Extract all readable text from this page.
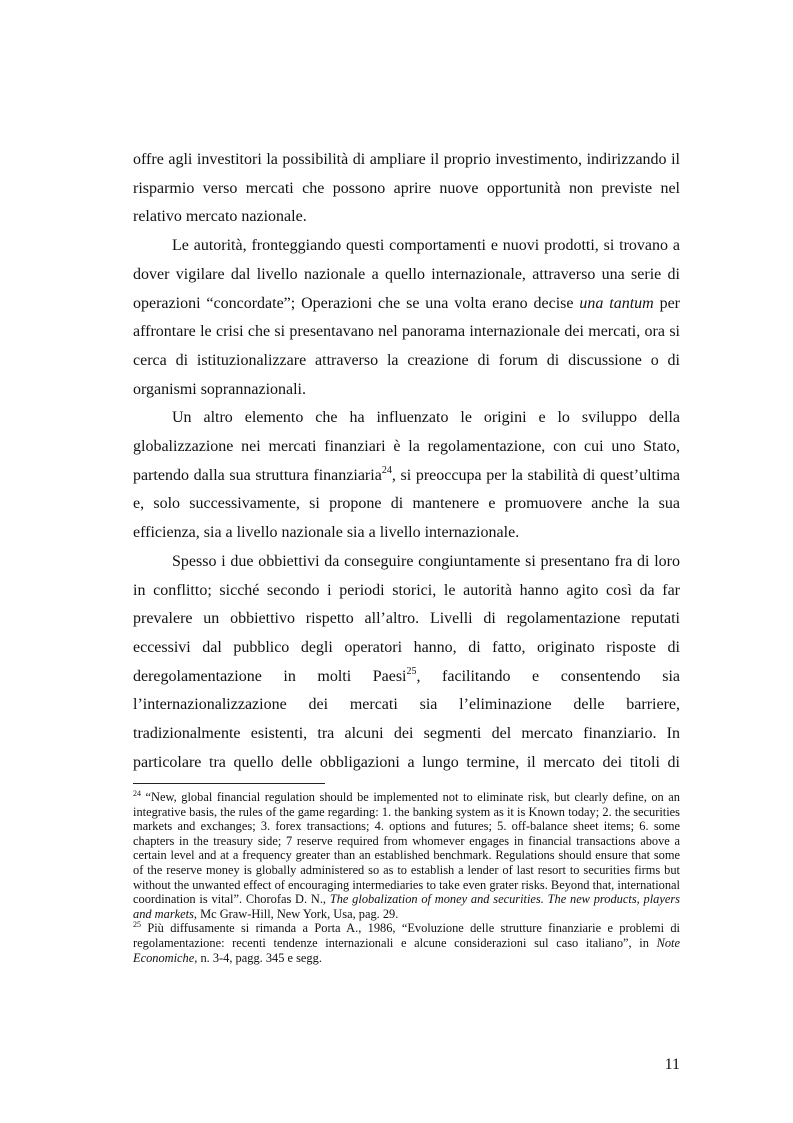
offre agli investitori la possibilità di ampliare il proprio investimento, indirizzando il risparmio verso mercati che possono aprire nuove opportunità non previste nel relativo mercato nazionale.

Le autorità, fronteggiando questi comportamenti e nuovi prodotti, si trovano a dover vigilare dal livello nazionale a quello internazionale, attraverso una serie di operazioni “concordate”; Operazioni che se una volta erano decise una tantum per affrontare le crisi che si presentavano nel panorama internazionale dei mercati, ora si cerca di istituzionalizzare attraverso la creazione di forum di discussione o di organismi soprannazionali.

Un altro elemento che ha influenzato le origini e lo sviluppo della globalizzazione nei mercati finanziari è la regolamentazione, con cui uno Stato, partendo dalla sua struttura finanziaria$^{24}$, si preoccupa per la stabilità di quest’ultima e, solo successivamente, si propone di mantenere e promuovere anche la sua efficienza, sia a livello nazionale sia a livello internazionale.

Spesso i due obbiettivi da conseguire congiuntamente si presentano fra di loro in conflitto; sicché secondo i periodi storici, le autorità hanno agito così da far prevalere un obbiettivo rispetto all’altro. Livelli di regolamentazione reputati eccessivi dal pubblico degli operatori hanno, di fatto, originato risposte di deregolamentazione in molti Paesi$^{25}$, facilitando e consentendo sia l’internazionalizzazione dei mercati sia l’eliminazione delle barriere, tradizionalmente esistenti, tra alcuni dei segmenti del mercato finanziario. In particolare tra quello delle obbligazioni a lungo termine, il mercato dei titoli di

$^{24}$ “New, global financial regulation should be implemented not to eliminate risk, but clearly define, on an integrative basis, the rules of the game regarding: 1. the banking system as it is Known today; 2. the securities markets and exchanges; 3. forex transactions; 4. options and futures; 5. off-balance sheet items; 6. some chapters in the treasury side; 7 reserve required from whomever engages in financial transactions above a certain level and at a frequency greater than an established benchmark. Regulations should ensure that some of the reserve money is globally administered so as to establish a lender of last resort to securities firms but without the unwanted effect of encouraging intermediaries to take even grater risks. Beyond that, international coordination is vital”. Chorofas D. N., The globalization of money and securities. The new products, players and markets, Mc Graw-Hill, New York, Usa, pag. 29.

$^{25}$ Più diffusamente si rimanda a Porta A., 1986, “Evoluzione delle strutture finanziarie e problemi di regolamentazione: recenti tendenze internazionali e alcune considerazioni sul caso italiano”, in Note Economiche, n. 3-4, pagg. 345 e segg.

11
